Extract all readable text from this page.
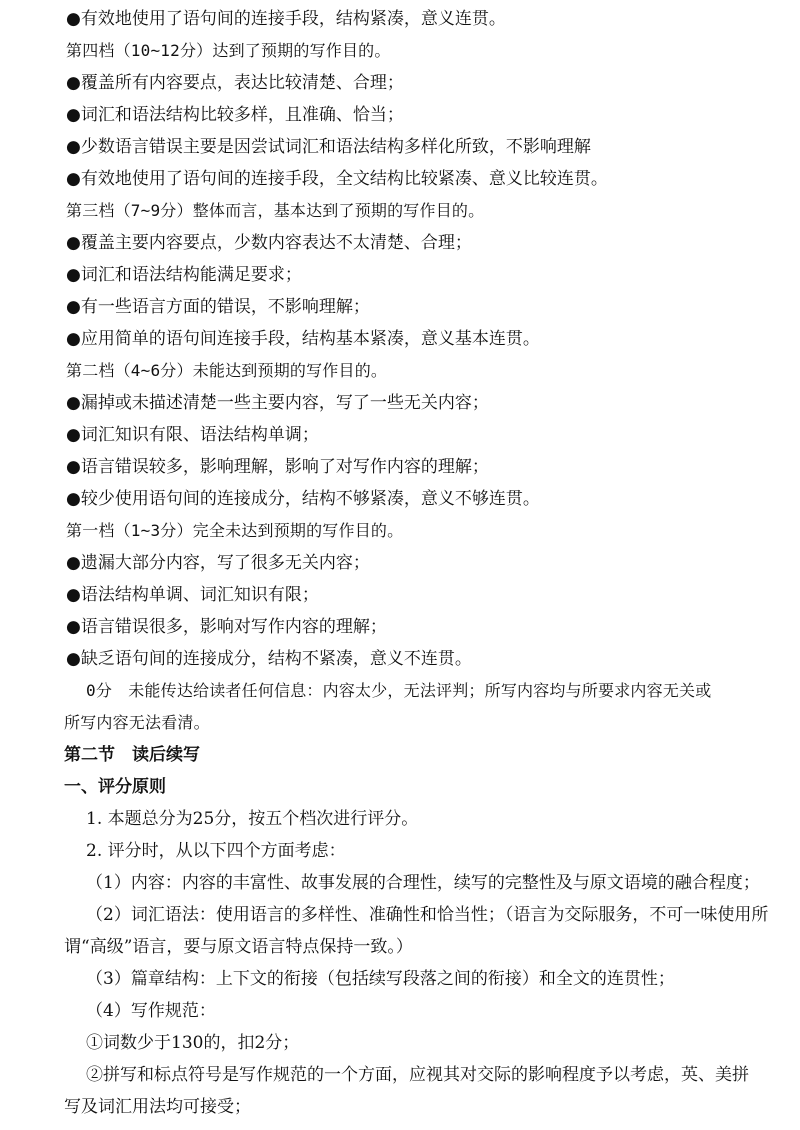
●有效地使用了语句间的连接手段，结构紧凑，意义连贯。
第四档（10~12分）达到了预期的写作目的。
●覆盖所有内容要点，表达比较清楚、合理；
●词汇和语法结构比较多样，且准确、恰当；
●少数语言错误主要是因尝试词汇和语法结构多样化所致，不影响理解
●有效地使用了语句间的连接手段，全文结构比较紧凑、意义比较连贯。
第三档（7~9分）整体而言，基本达到了预期的写作目的。
●覆盖主要内容要点，少数内容表达不太清楚、合理；
●词汇和语法结构能满足要求；
●有一些语言方面的错误，不影响理解；
●应用简单的语句间连接手段，结构基本紧凑，意义基本连贯。
第二档（4~6分）未能达到预期的写作目的。
●漏掉或未描述清楚一些主要内容，写了一些无关内容；
●词汇知识有限、语法结构单调；
●语言错误较多，影响理解，影响了对写作内容的理解；
●较少使用语句间的连接成分，结构不够紧凑，意义不够连贯。
第一档（1~3分）完全未达到预期的写作目的。
●遗漏大部分内容，写了很多无关内容；
●语法结构单调、词汇知识有限；
●语言错误很多，影响对写作内容的理解；
●缺乏语句间的连接成分，结构不紧凑，意义不连贯。
0分　未能传达给读者任何信息：内容太少，无法评判；所写内容均与所要求内容无关或
所写内容无法看清。
第二节　读后续写
一、评分原则
1. 本题总分为25分，按五个档次进行评分。
2. 评分时，从以下四个方面考虑：
（1）内容：内容的丰富性、故事发展的合理性，续写的完整性及与原文语境的融合程度；
（2）词汇语法：使用语言的多样性、准确性和恰当性；（语言为交际服务，不可一味使用所
谓“高级”语言，要与原文语言特点保持一致。）
（3）篇章结构：上下文的衔接（包括续写段落之间的衔接）和全文的连贯性；
（4）写作规范：
①词数少于130的，扣2分；
②拼写和标点符号是写作规范的一个方面，应视其对交际的影响程度予以考虑，英、美拼
写及词汇用法均可接受；
